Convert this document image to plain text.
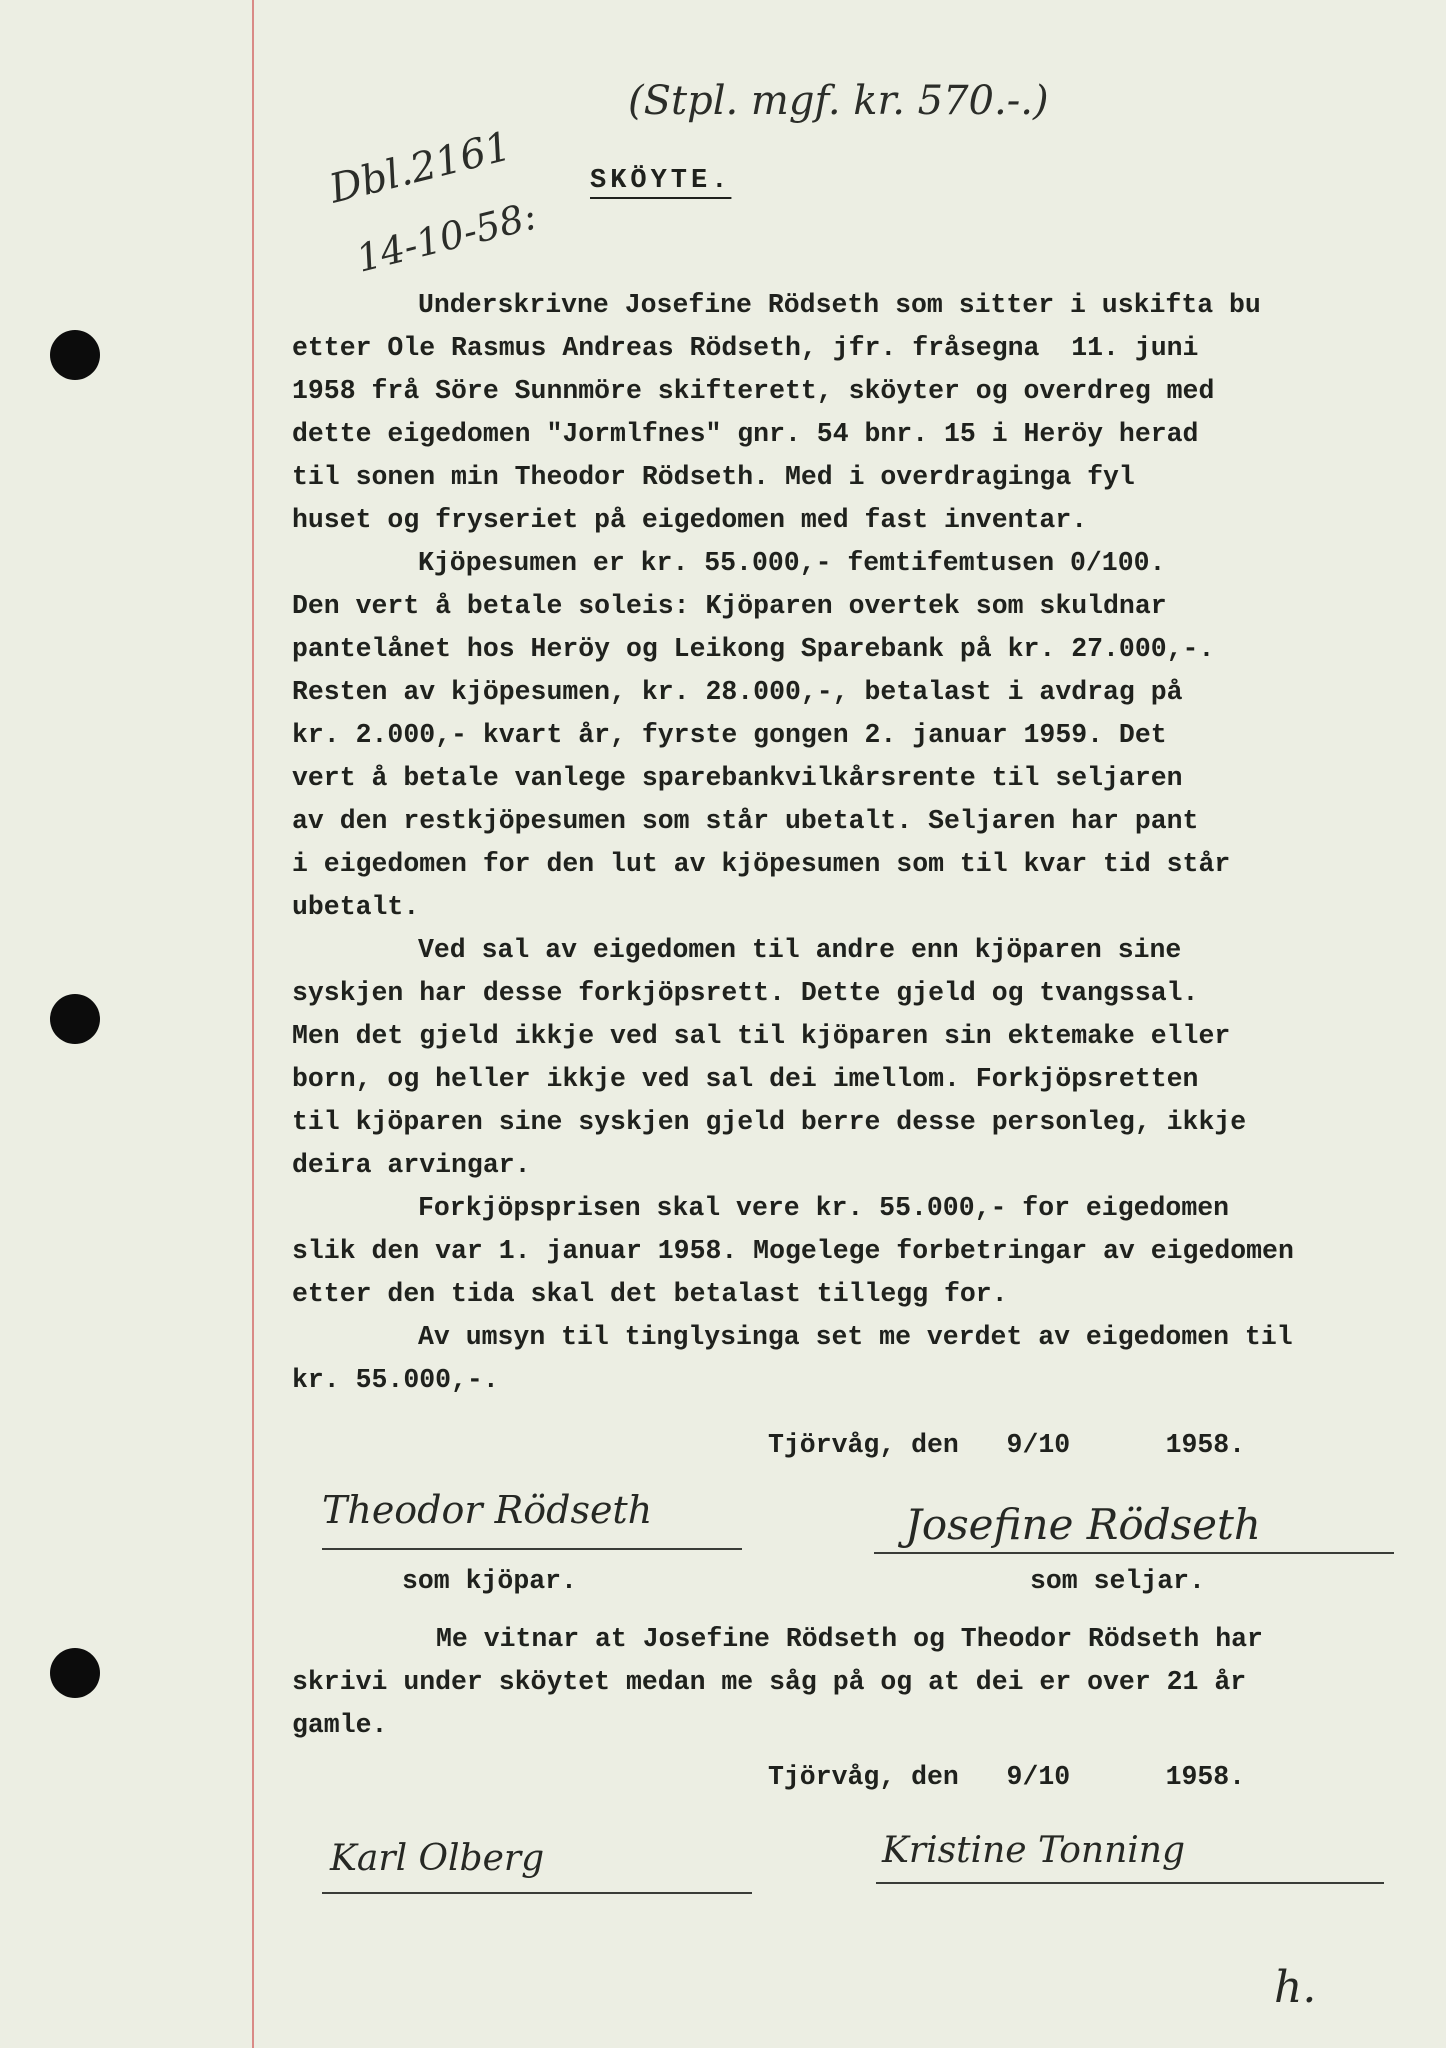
Dbl.2161
14-10-58:
(Stpl. mgf. kr. 570.-.)
SKÖYTE.

Underskrivne Josefine Rödseth som sitter i uskifta bu

etter Ole Rasmus Andreas Rödseth, jfr. fråsegna  11. juni

1958 frå Söre Sunnmöre skifterett, sköyter og overdreg med

dette eigedomen "Jormlfnes" gnr. 54 bnr. 15 i Heröy herad

til sonen min Theodor Rödseth. Med i overdraginga fyl

huset og fryseriet på eigedomen med fast inventar.

Kjöpesumen er kr. 55.000,- femtifemtusen 0/100.

Den vert å betale soleis: Kjöparen overtek som skuldnar

pantelånet hos Heröy og Leikong Sparebank på kr. 27.000,-.

Resten av kjöpesumen, kr. 28.000,-, betalast i avdrag på

kr. 2.000,- kvart år, fyrste gongen 2. januar 1959. Det

vert å betale vanlege sparebankvilkårsrente til seljaren

av den restkjöpesumen som står ubetalt. Seljaren har pant

i eigedomen for den lut av kjöpesumen som til kvar tid står

ubetalt.

Ved sal av eigedomen til andre enn kjöparen sine

syskjen har desse forkjöpsrett. Dette gjeld og tvangssal.

Men det gjeld ikkje ved sal til kjöparen sin ektemake eller

born, og heller ikkje ved sal dei imellom. Forkjöpsretten

til kjöparen sine syskjen gjeld berre desse personleg, ikkje

deira arvingar.

Forkjöpsprisen skal vere kr. 55.000,- for eigedomen

slik den var 1. januar 1958. Mogelege forbetringar av eigedomen

etter den tida skal det betalast tillegg for.

Av umsyn til tinglysinga set me verdet av eigedomen til

kr. 55.000,-.

Tjörvåg, den   9/10      1958.

Theodor Rödseth

som kjöpar.

Josefine Rödseth

som seljar.

Me vitnar at Josefine Rödseth og Theodor Rödseth har

skrivi under sköytet medan me såg på og at dei er over 21 år

gamle.

Tjörvåg, den   9/10      1958.

Karl Olberg	Kristine Tonning
h.
